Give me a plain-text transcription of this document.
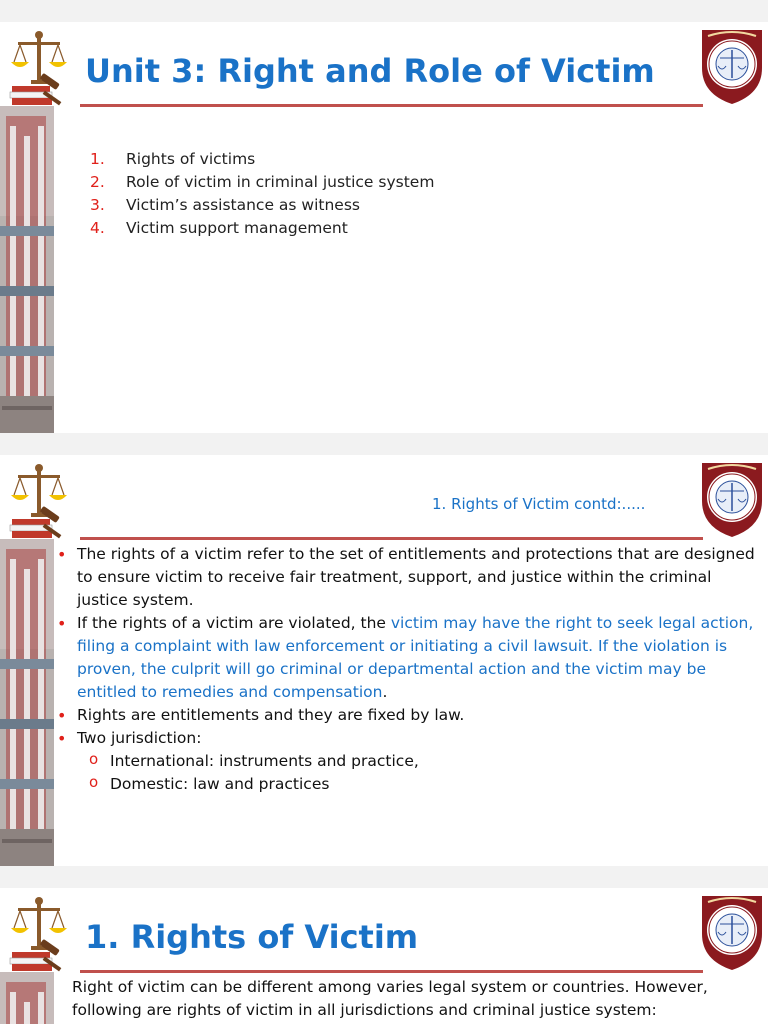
Unit 3: Right and Role of Victim
1. Rights of victims
2. Role of victim in criminal justice system
3. Victim’s assistance as witness
4. Victim support management
1. Rights of Victim contd:.....
• The rights of a victim refer to the set of entitlements and protections that are designed to ensure victim to receive fair treatment, support, and justice within the criminal justice system.
• If the rights of a victim are violated, the victim may have the right to seek legal action, filing a complaint with law enforcement or initiating a civil lawsuit. If the violation is proven, the culprit will go criminal or departmental action and the victim may be entitled to remedies and compensation.
• Rights are entitlements and they are fixed by law.
• Two jurisdiction:
o International: instruments and practice,
o Domestic: law and practices
1. Rights of Victim

Right of victim can be different among varies legal system or countries. However, following are rights of victim in all jurisdictions and criminal justice system:
